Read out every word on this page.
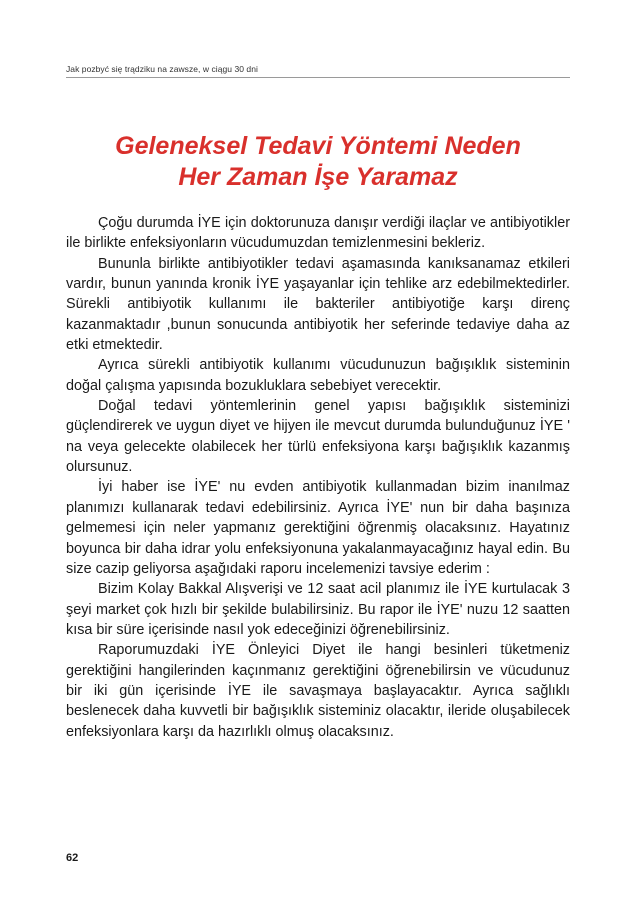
Jak pozbyć się trądziku na zawsze, w ciągu 30 dni
Geleneksel Tedavi Yöntemi Neden
Her Zaman İşe Yaramaz

Çoğu durumda İYE için doktorunuza danışır verdiği ilaçlar ve antibiyotikler ile birlikte enfeksiyonların vücudumuzdan temizlenmesini bekleriz.

Bununla birlikte antibiyotikler tedavi aşamasında kanıksanamaz etkileri vardır, bunun yanında kronik İYE yaşayanlar için tehlike arz edebilmektedirler. Sürekli antibiyotik kullanımı ile bakteriler antibiyotiğe karşı direnç kazanmaktadır ,bunun sonucunda antibiyotik her seferinde tedaviye daha az etki etmektedir.

Ayrıca sürekli antibiyotik kullanımı vücudunuzun bağışıklık sisteminin doğal çalışma yapısında bozukluklara sebebiyet verecektir.

Doğal tedavi yöntemlerinin genel yapısı bağışıklık sisteminizi güçlendirerek ve uygun diyet ve hijyen ile mevcut durumda bulunduğunuz İYE ' na veya gelecekte olabilecek her türlü enfeksiyona karşı bağışıklık kazanmış olursunuz.

İyi haber ise İYE' nu evden antibiyotik kullanmadan bizim inanılmaz planımızı kullanarak tedavi edebilirsiniz. Ayrıca İYE' nun bir daha başınıza gelmemesi için neler yapmanız gerektiğini öğrenmiş olacaksınız. Hayatınız boyunca bir daha idrar yolu enfeksiyonuna yakalanmayacağınız hayal edin. Bu size cazip geliyorsa aşağıdaki raporu incelemenizi tavsiye ederim :

Bizim Kolay Bakkal Alışverişi ve 12 saat acil planımız ile İYE kurtulacak 3 şeyi market çok hızlı bir şekilde bulabilirsiniz. Bu rapor ile İYE' nuzu 12 saatten kısa bir süre içerisinde nasıl yok edeceğinizi öğrenebilirsiniz.

Raporumuzdaki İYE Önleyici Diyet ile hangi besinleri tüketmeniz gerektiğini hangilerinden kaçınmanız gerektiğini öğrenebilirsin ve vücudunuz bir iki gün içerisinde İYE ile savaşmaya başlayacaktır. Ayrıca sağlıklı beslenecek daha kuvvetli bir bağışıklık sisteminiz olacaktır, ileride oluşabilecek enfeksiyonlara karşı da hazırlıklı olmuş olacaksınız.

62
